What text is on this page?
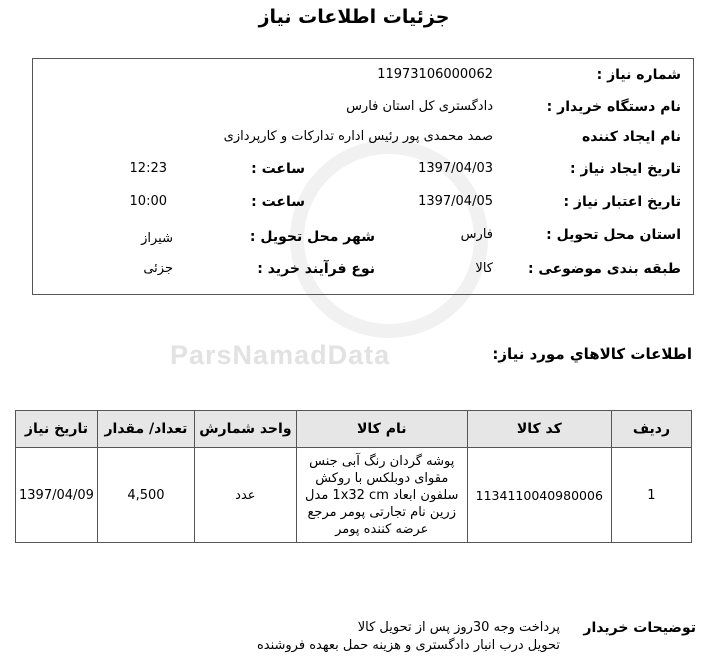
جزئیات اطلاعات نیاز
ParsNamadData
شماره نیاز :
11973106000062
نام دستگاه خریدار :
دادگستری کل استان فارس
نام ایجاد کننده
صمد محمدی پور رئیس اداره تدارکات و کارپردازی
تاریخ ایجاد نیاز :
1397/04/03
ساعت :
12:23
تاریخ اعتبار نیاز :
1397/04/05
ساعت :
10:00
استان محل تحویل :
فارس
شهر محل تحویل :
شیراز
طبقه بندی موضوعی :
کالا
نوع فرآیند خرید :
جزئی
اطلاعات کالاهاي مورد نياز:
ردیف	کد کالا	نام کالا	واحد شمارش	تعداد/ مقدار	تاریخ نیاز
1	1134110040980006	پوشه گردان رنگ آبی جنس مقوای دوبلکس با روکش سلفون ابعاد 1x32 cm مدل زرین نام تجارتی پومر مرجع عرضه کننده پومر	عدد	4,500	1397/04/09
توضیحات خریدار
پرداخت وجه 30روز پس از تحویل کالا
تحویل درب انبار دادگستری و هزینه حمل بعهده فروشنده
